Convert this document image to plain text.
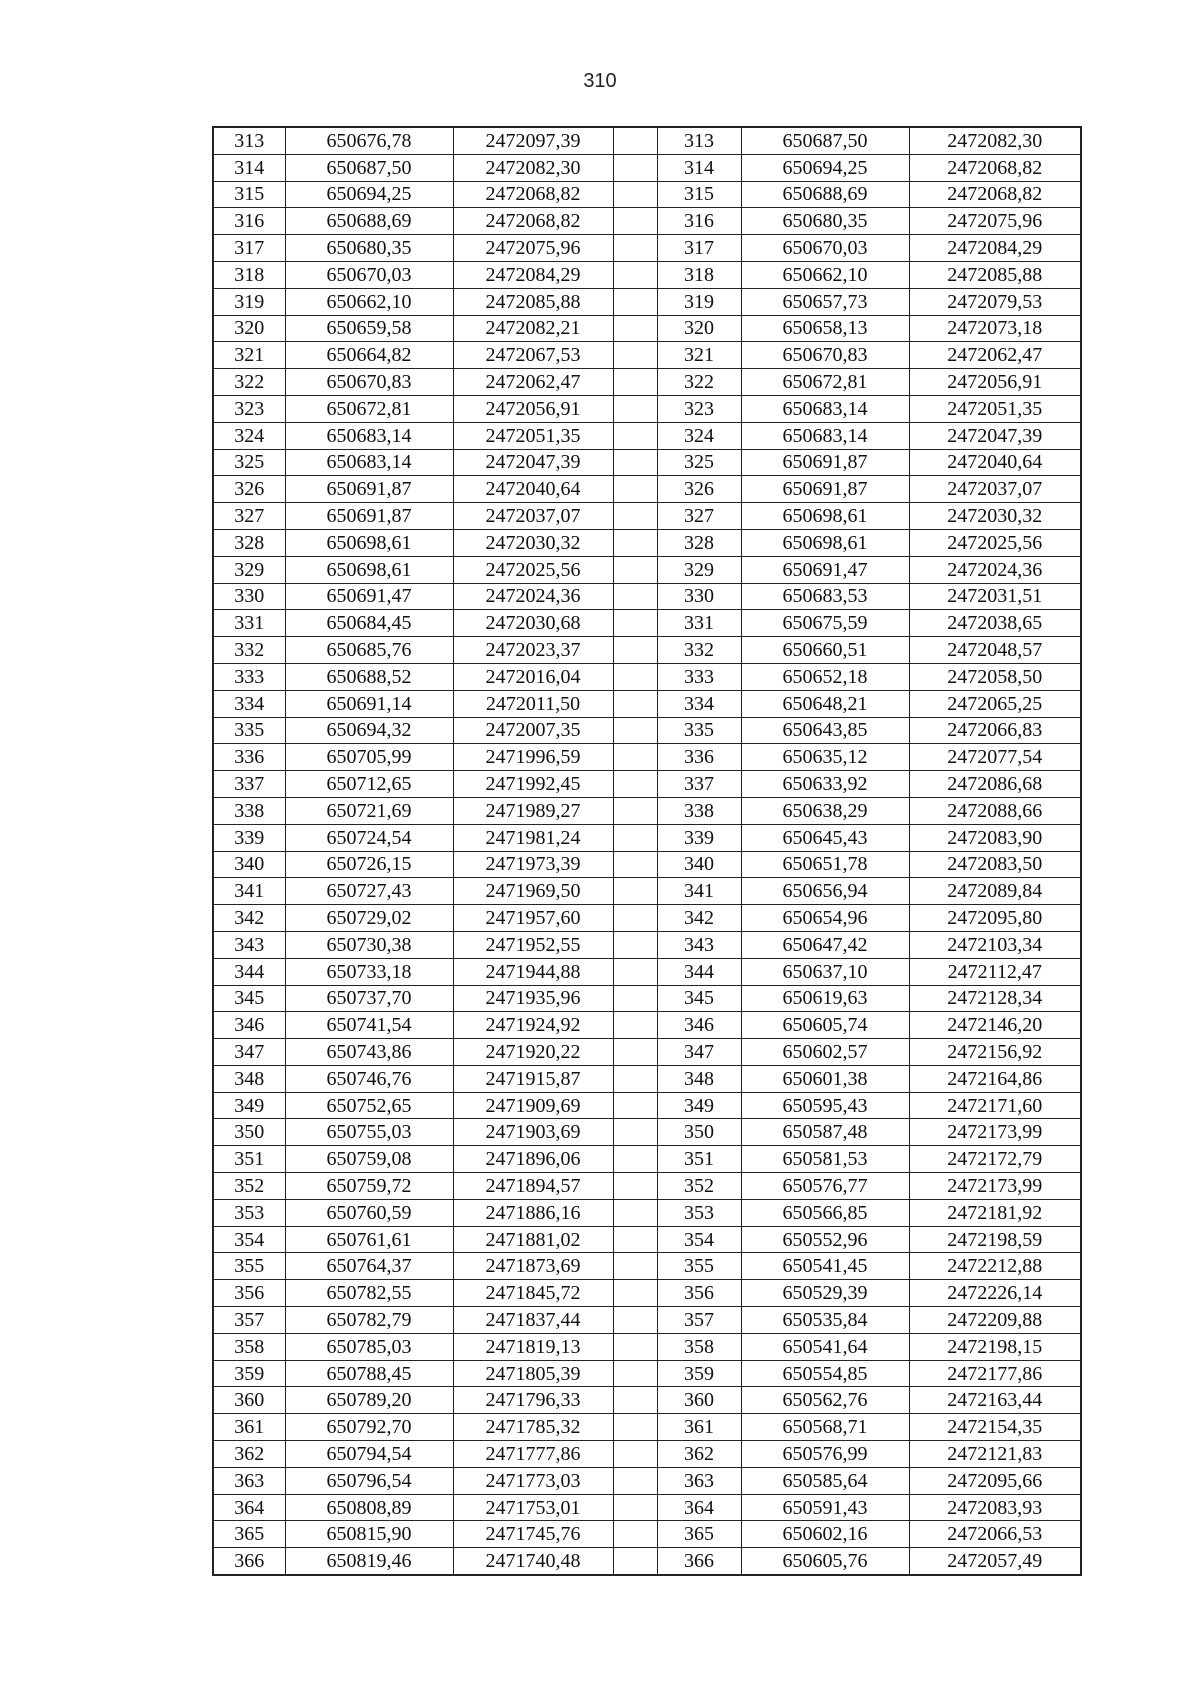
310
313	650676,78	2472097,39		313	650687,50	2472082,30
314	650687,50	2472082,30		314	650694,25	2472068,82
315	650694,25	2472068,82		315	650688,69	2472068,82
316	650688,69	2472068,82		316	650680,35	2472075,96
317	650680,35	2472075,96		317	650670,03	2472084,29
318	650670,03	2472084,29		318	650662,10	2472085,88
319	650662,10	2472085,88		319	650657,73	2472079,53
320	650659,58	2472082,21		320	650658,13	2472073,18
321	650664,82	2472067,53		321	650670,83	2472062,47
322	650670,83	2472062,47		322	650672,81	2472056,91
323	650672,81	2472056,91		323	650683,14	2472051,35
324	650683,14	2472051,35		324	650683,14	2472047,39
325	650683,14	2472047,39		325	650691,87	2472040,64
326	650691,87	2472040,64		326	650691,87	2472037,07
327	650691,87	2472037,07		327	650698,61	2472030,32
328	650698,61	2472030,32		328	650698,61	2472025,56
329	650698,61	2472025,56		329	650691,47	2472024,36
330	650691,47	2472024,36		330	650683,53	2472031,51
331	650684,45	2472030,68		331	650675,59	2472038,65
332	650685,76	2472023,37		332	650660,51	2472048,57
333	650688,52	2472016,04		333	650652,18	2472058,50
334	650691,14	2472011,50		334	650648,21	2472065,25
335	650694,32	2472007,35		335	650643,85	2472066,83
336	650705,99	2471996,59		336	650635,12	2472077,54
337	650712,65	2471992,45		337	650633,92	2472086,68
338	650721,69	2471989,27		338	650638,29	2472088,66
339	650724,54	2471981,24		339	650645,43	2472083,90
340	650726,15	2471973,39		340	650651,78	2472083,50
341	650727,43	2471969,50		341	650656,94	2472089,84
342	650729,02	2471957,60		342	650654,96	2472095,80
343	650730,38	2471952,55		343	650647,42	2472103,34
344	650733,18	2471944,88		344	650637,10	2472112,47
345	650737,70	2471935,96		345	650619,63	2472128,34
346	650741,54	2471924,92		346	650605,74	2472146,20
347	650743,86	2471920,22		347	650602,57	2472156,92
348	650746,76	2471915,87		348	650601,38	2472164,86
349	650752,65	2471909,69		349	650595,43	2472171,60
350	650755,03	2471903,69		350	650587,48	2472173,99
351	650759,08	2471896,06		351	650581,53	2472172,79
352	650759,72	2471894,57		352	650576,77	2472173,99
353	650760,59	2471886,16		353	650566,85	2472181,92
354	650761,61	2471881,02		354	650552,96	2472198,59
355	650764,37	2471873,69		355	650541,45	2472212,88
356	650782,55	2471845,72		356	650529,39	2472226,14
357	650782,79	2471837,44		357	650535,84	2472209,88
358	650785,03	2471819,13		358	650541,64	2472198,15
359	650788,45	2471805,39		359	650554,85	2472177,86
360	650789,20	2471796,33		360	650562,76	2472163,44
361	650792,70	2471785,32		361	650568,71	2472154,35
362	650794,54	2471777,86		362	650576,99	2472121,83
363	650796,54	2471773,03		363	650585,64	2472095,66
364	650808,89	2471753,01		364	650591,43	2472083,93
365	650815,90	2471745,76		365	650602,16	2472066,53
366	650819,46	2471740,48		366	650605,76	2472057,49
